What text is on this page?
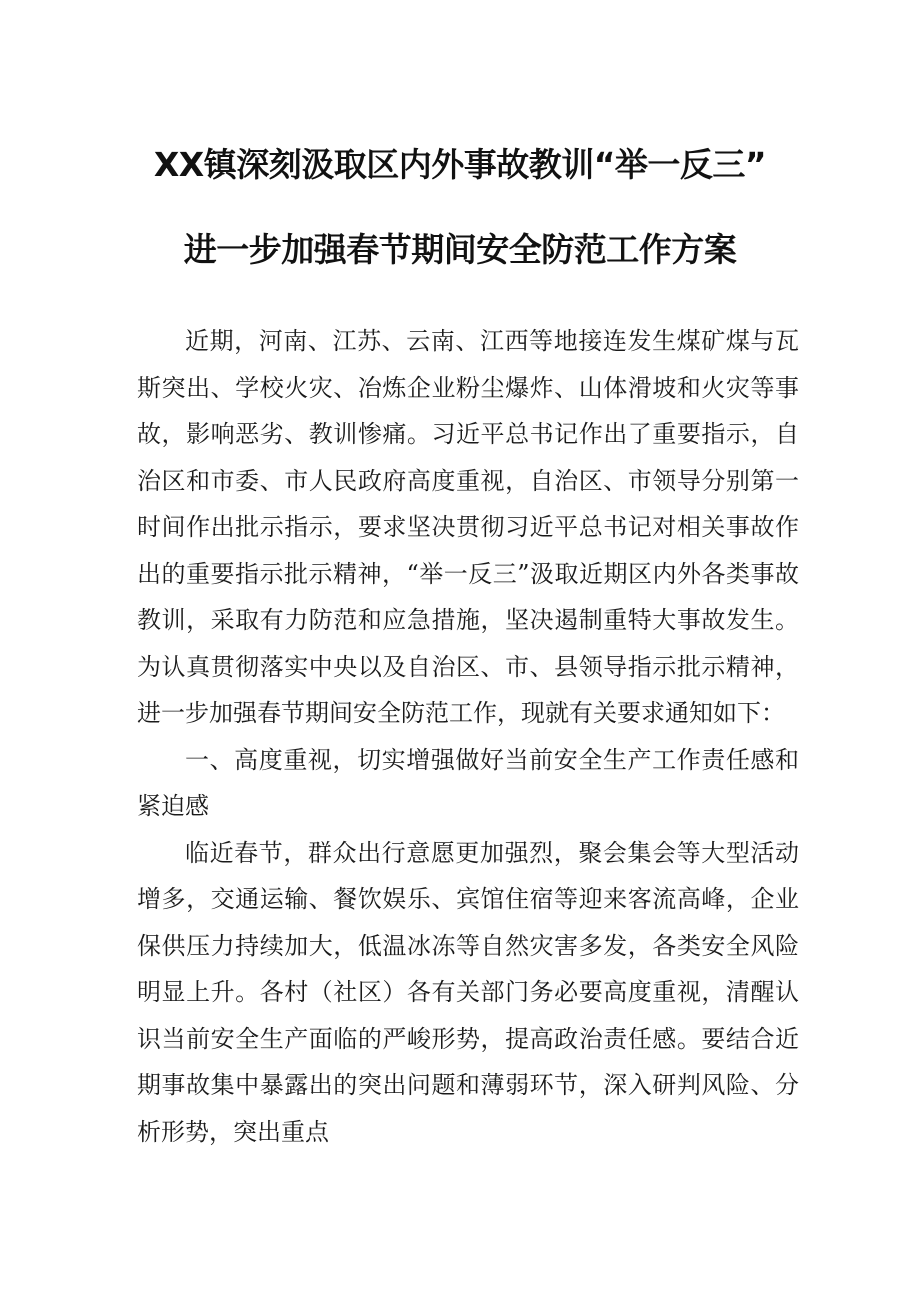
XX镇深刻汲取区内外事故教训“举一反三”
进一步加强春节期间安全防范工作方案

近期，河南、江苏、云南、江西等地接连发生煤矿煤与瓦斯突出、学校火灾、冶炼企业粉尘爆炸、山体滑坡和火灾等事故，影响恶劣、教训惨痛。习近平总书记作出了重要指示，自治区和市委、市人民政府高度重视，自治区、市领导分别第一时间作出批示指示，要求坚决贯彻习近平总书记对相关事故作出的重要指示批示精神，“举一反三”汲取近期区内外各类事故教训，采取有力防范和应急措施，坚决遏制重特大事故发生。为认真贯彻落实中央以及自治区、市、县领导指示批示精神，进一步加强春节期间安全防范工作，现就有关要求通知如下：

一、高度重视，切实增强做好当前安全生产工作责任感和紧迫感

临近春节，群众出行意愿更加强烈，聚会集会等大型活动增多，交通运输、餐饮娱乐、宾馆住宿等迎来客流高峰，企业保供压力持续加大，低温冰冻等自然灾害多发，各类安全风险明显上升。各村（社区）各有关部门务必要高度重视，清醒认识当前安全生产面临的严峻形势，提高政治责任感。要结合近期事故集中暴露出的突出问题和薄弱环节，深入研判风险、分析形势，突出重点
